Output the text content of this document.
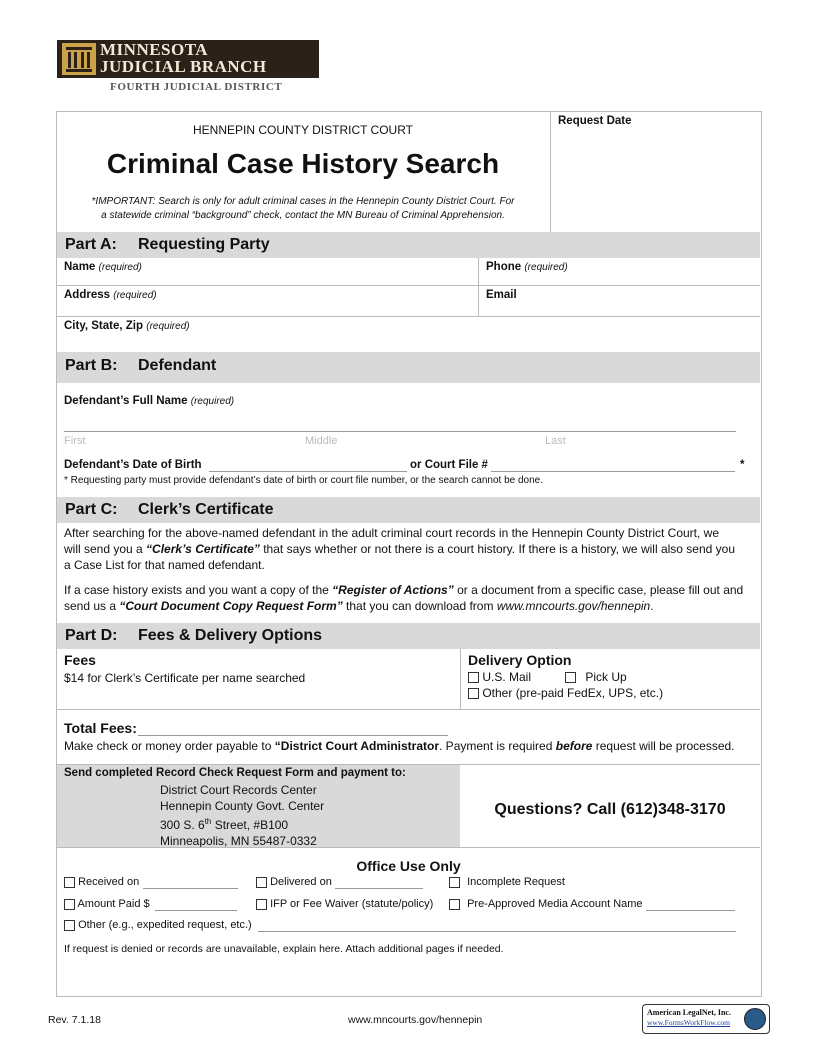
MINNESOTA
JUDICIAL BRANCH
FOURTH JUDICIAL DISTRICT
HENNEPIN COUNTY DISTRICT COURT
Criminal Case History Search
*IMPORTANT: Search is only for adult criminal cases in the Hennepin County District Court. For
a statewide criminal “background” check, contact the MN Bureau of Criminal Apprehension.
Request Date
Part A: Requesting Party
Name (required)	Phone (required)
Address (required)	Email
City, State, Zip (required)
Part B: Defendant
Defendant’s Full Name (required)
First	Middle	Last
Defendant’s Date of Birth	or Court File #	*
* Requesting party must provide defendant’s date of birth or court file number, or the search cannot be done.
Part C: Clerk’s Certificate
After searching for the above-named defendant in the adult criminal court records in the Hennepin County District Court, we
will send you a “Clerk’s Certificate” that says whether or not there is a court history. If there is a history, we will also send you
a Case List for that named defendant.
If a case history exists and you want a copy of the “Register of Actions” or a document from a specific case, please fill out and
send us a “Court Document Copy Request Form” that you can download from www.mncourts.gov/hennepin.
Part D: Fees & Delivery Options
Fees
$14 for Clerk’s Certificate per name searched
Delivery Option
U.S. Mail	Pick Up
Other (pre-paid FedEx, UPS, etc.)
Total Fees:
Make check or money order payable to “District Court Administrator. Payment is required before request will be processed.
Send completed Record Check Request Form and payment to:
District Court Records Center
Hennepin County Govt. Center
300 S. 6th Street, #B100
Minneapolis, MN 55487-0332
Questions? Call (612)348-3170
Office Use Only
Received on	Delivered on	Incomplete Request
Amount Paid $	IFP or Fee Waiver (statute/policy)	Pre-Approved Media Account Name
Other (e.g., expedited request, etc.)
If request is denied or records are unavailable, explain here. Attach additional pages if needed.
Rev. 7.1.18	www.mncourts.gov/hennepin
American LegalNet, Inc.
www.FormsWorkFlow.com
